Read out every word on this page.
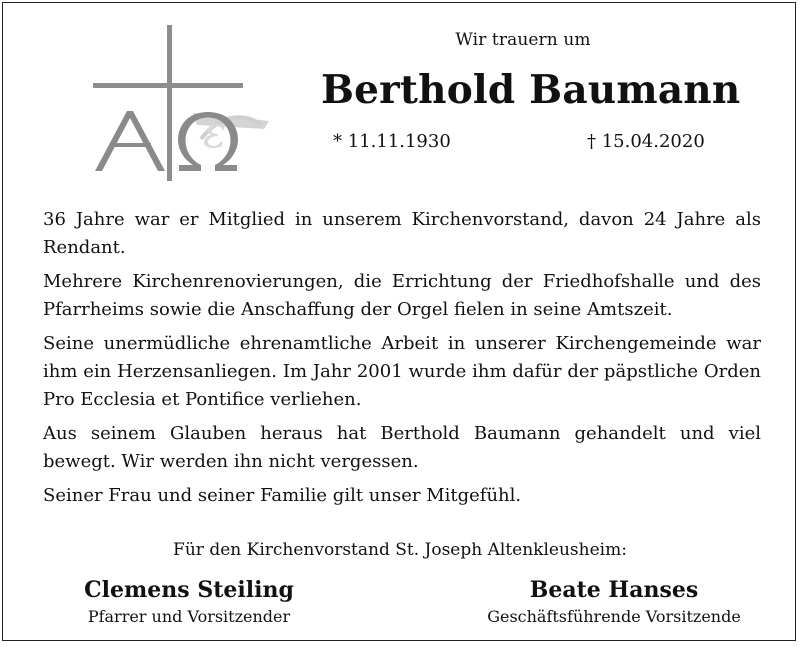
ε
Wir trauern um
Berthold Baumann
* 11.11.1930	† 15.04.2020

36 Jahre war er Mitglied in unserem Kirchenvorstand, davon 24 Jahre als Rendant.

Mehrere Kirchenrenovierungen, die Errichtung der Friedhofshalle und des Pfarrheims sowie die Anschaffung der Orgel fielen in seine Amtszeit.

Seine unermüdliche ehrenamtliche Arbeit in unserer Kirchengemeinde war ihm ein Herzensanliegen. Im Jahr 2001 wurde ihm dafür der päpstliche Orden Pro Ecclesia et Pontifice verliehen.

Aus seinem Glauben heraus hat Berthold Baumann gehandelt und viel bewegt. Wir werden ihn nicht vergessen.

Seiner Frau und seiner Familie gilt unser Mitgefühl.

Für den Kirchenvorstand St. Joseph Altenkleusheim:
Clemens Steiling
Pfarrer und Vorsitzender
Beate Hanses
Geschäftsführende Vorsitzende
